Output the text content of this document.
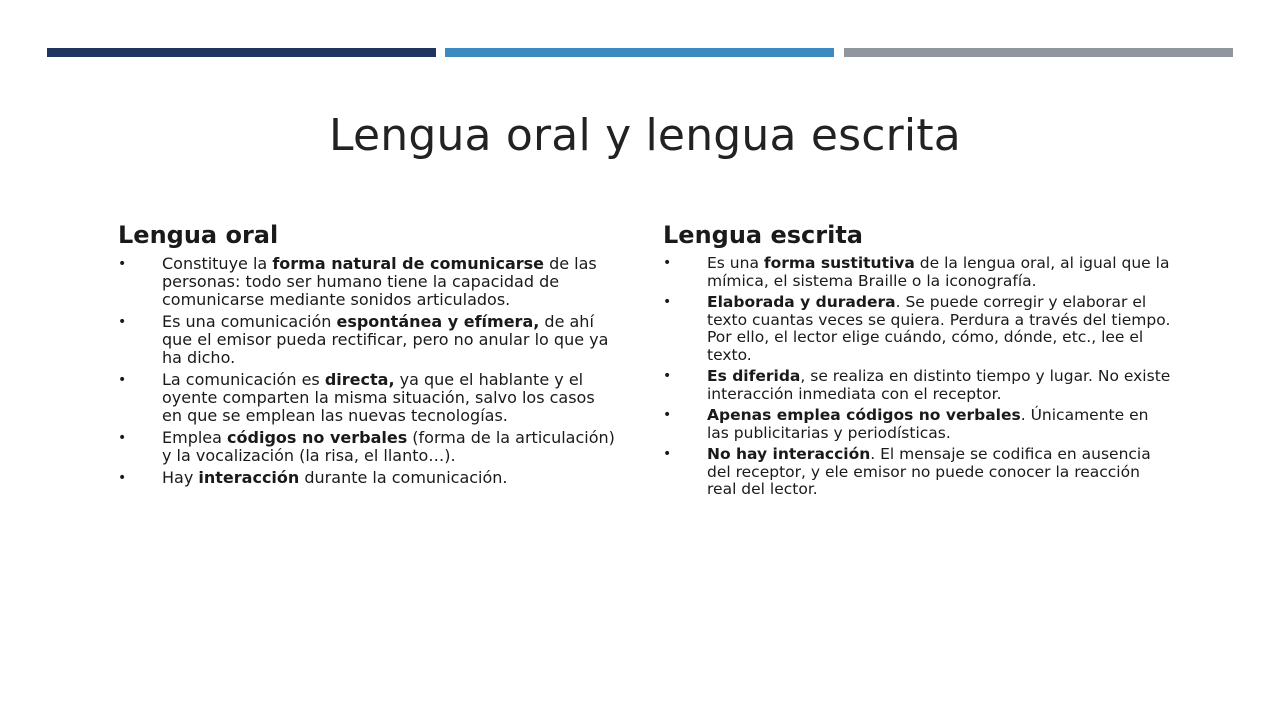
Lengua oral y lengua escrita
Lengua oral
• Constituye la forma natural de comunicarse de las personas: todo ser humano tiene la capacidad de comunicarse mediante sonidos articulados.
• Es una comunicación espontánea y efímera, de ahí que el emisor pueda rectificar, pero no anular lo que ya ha dicho.
• La comunicación es directa, ya que el hablante y el oyente comparten la misma situación, salvo los casos en que se emplean las nuevas tecnologías.
• Emplea códigos no verbales (forma de la articulación) y la vocalización (la risa, el llanto…).
• Hay interacción durante la comunicación.
Lengua escrita
• Es una forma sustitutiva de la lengua oral, al igual que la mímica, el sistema Braille o la iconografía.
• Elaborada y duradera. Se puede corregir y elaborar el texto cuantas veces se quiera. Perdura a través del tiempo. Por ello, el lector elige cuándo, cómo, dónde, etc., lee el texto.
• Es diferida, se realiza en distinto tiempo y lugar. No existe interacción inmediata con el receptor.
• Apenas emplea códigos no verbales. Únicamente en las publicitarias y periodísticas.
• No hay interacción. El mensaje se codifica en ausencia del receptor, y ele emisor no puede conocer la reacción real del lector.
